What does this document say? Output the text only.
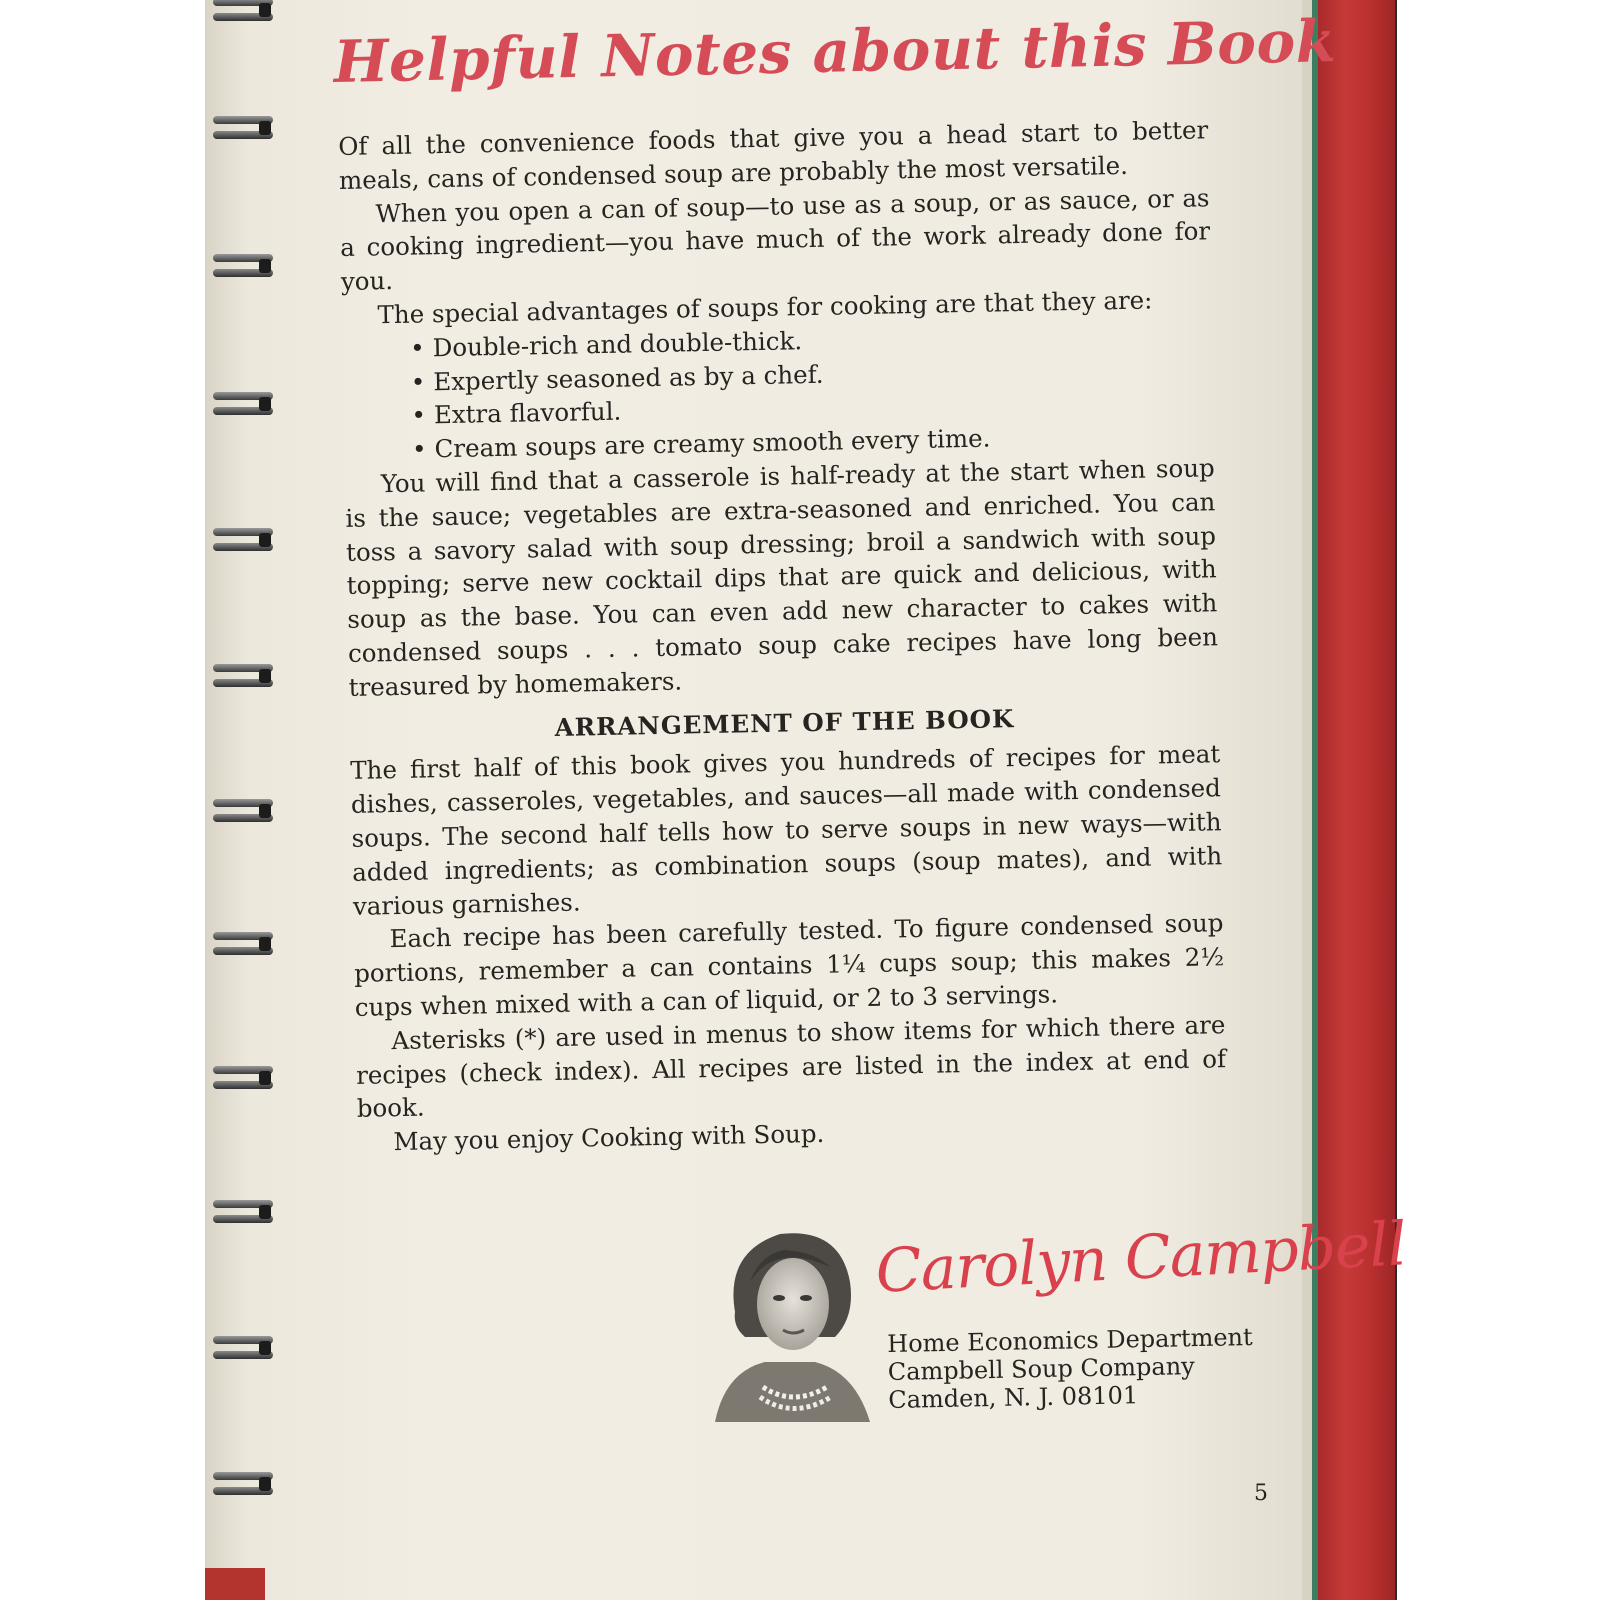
Helpful Notes about this Book

Of all the convenience foods that give you a head start to better meals, cans of condensed soup are probably the most versatile.

When you open a can of soup—to use as a soup, or as sauce, or as a cooking ingredient—you have much of the work already done for you.

The special advantages of soups for cooking are that they are:

• Double-rich and double-thick.
• Expertly seasoned as by a chef.
• Extra flavorful.
• Cream soups are creamy smooth every time.

You will find that a casserole is half-ready at the start when soup is the sauce; vegetables are extra-seasoned and enriched. You can toss a savory salad with soup dressing; broil a sandwich with soup topping; serve new cocktail dips that are quick and delicious, with soup as the base. You can even add new character to cakes with condensed soups . . . tomato soup cake recipes have long been treasured by homemakers.

ARRANGEMENT OF THE BOOK

The first half of this book gives you hundreds of recipes for meat dishes, casseroles, vegetables, and sauces—all made with condensed soups. The second half tells how to serve soups in new ways—with added ingredients; as combination soups (soup mates), and with various garnishes.

Each recipe has been carefully tested. To figure condensed soup portions, remember a can contains 1¼ cups soup; this makes 2½ cups when mixed with a can of liquid, or 2 to 3 servings.

Asterisks (*) are used in menus to show items for which there are recipes (check index). All recipes are listed in the index at end of book.

May you enjoy Cooking with Soup.

Carolyn Campbell
Home Economics Department
Campbell Soup Company
Camden, N. J. 08101
5
